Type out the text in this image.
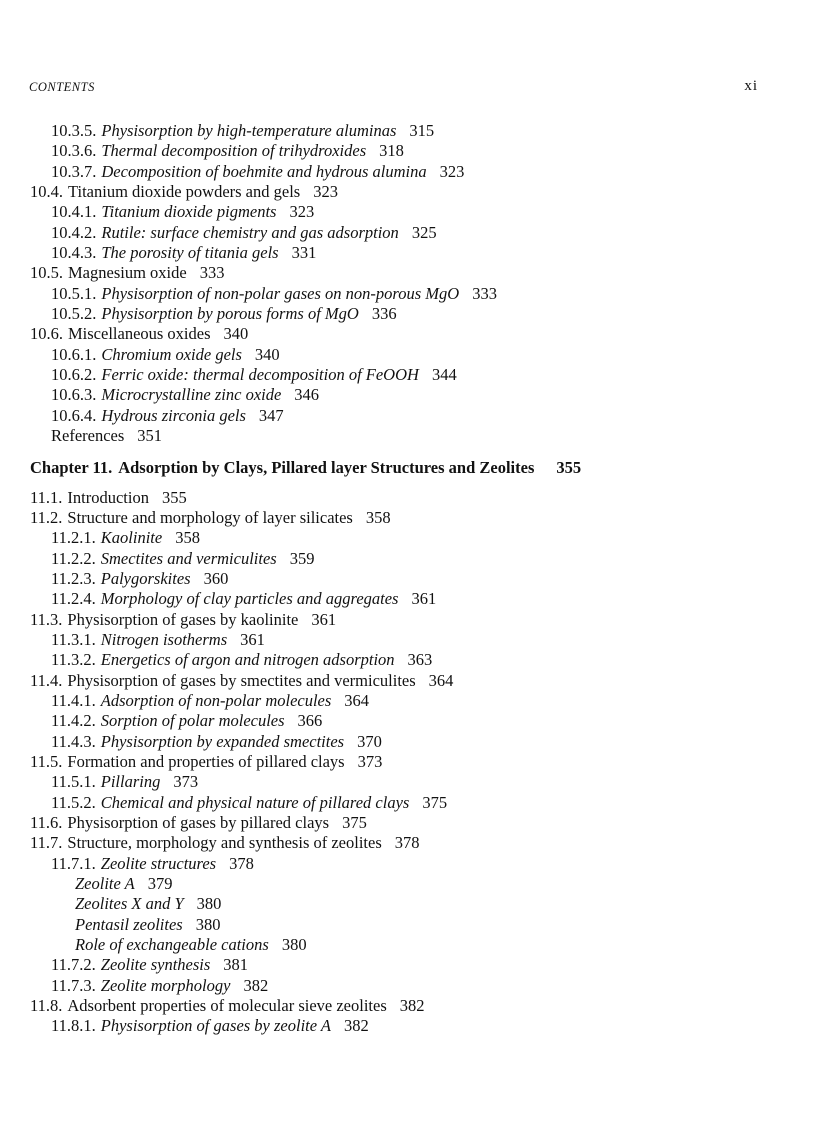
CONTENTS	xi
10.3.5. Physisorption by high-temperature aluminas 315
10.3.6. Thermal decomposition of trihydroxides 318
10.3.7. Decomposition of boehmite and hydrous alumina 323
10.4. Titanium dioxide powders and gels 323
10.4.1. Titanium dioxide pigments 323
10.4.2. Rutile: surface chemistry and gas adsorption 325
10.4.3. The porosity of titania gels 331
10.5. Magnesium oxide 333
10.5.1. Physisorption of non-polar gases on non-porous MgO 333
10.5.2. Physisorption by porous forms of MgO 336
10.6. Miscellaneous oxides 340
10.6.1. Chromium oxide gels 340
10.6.2. Ferric oxide: thermal decomposition of FeOOH 344
10.6.3. Microcrystalline zinc oxide 346
10.6.4. Hydrous zirconia gels 347
References 351
Chapter 11. Adsorption by Clays, Pillared layer Structures and Zeolites 355
11.1. Introduction 355
11.2. Structure and morphology of layer silicates 358
11.2.1. Kaolinite 358
11.2.2. Smectites and vermiculites 359
11.2.3. Palygorskites 360
11.2.4. Morphology of clay particles and aggregates 361
11.3. Physisorption of gases by kaolinite 361
11.3.1. Nitrogen isotherms 361
11.3.2. Energetics of argon and nitrogen adsorption 363
11.4. Physisorption of gases by smectites and vermiculites 364
11.4.1. Adsorption of non-polar molecules 364
11.4.2. Sorption of polar molecules 366
11.4.3. Physisorption by expanded smectites 370
11.5. Formation and properties of pillared clays 373
11.5.1. Pillaring 373
11.5.2. Chemical and physical nature of pillared clays 375
11.6. Physisorption of gases by pillared clays 375
11.7. Structure, morphology and synthesis of zeolites 378
11.7.1. Zeolite structures 378
Zeolite A 379
Zeolites X and Y 380
Pentasil zeolites 380
Role of exchangeable cations 380
11.7.2. Zeolite synthesis 381
11.7.3. Zeolite morphology 382
11.8. Adsorbent properties of molecular sieve zeolites 382
11.8.1. Physisorption of gases by zeolite A 382
